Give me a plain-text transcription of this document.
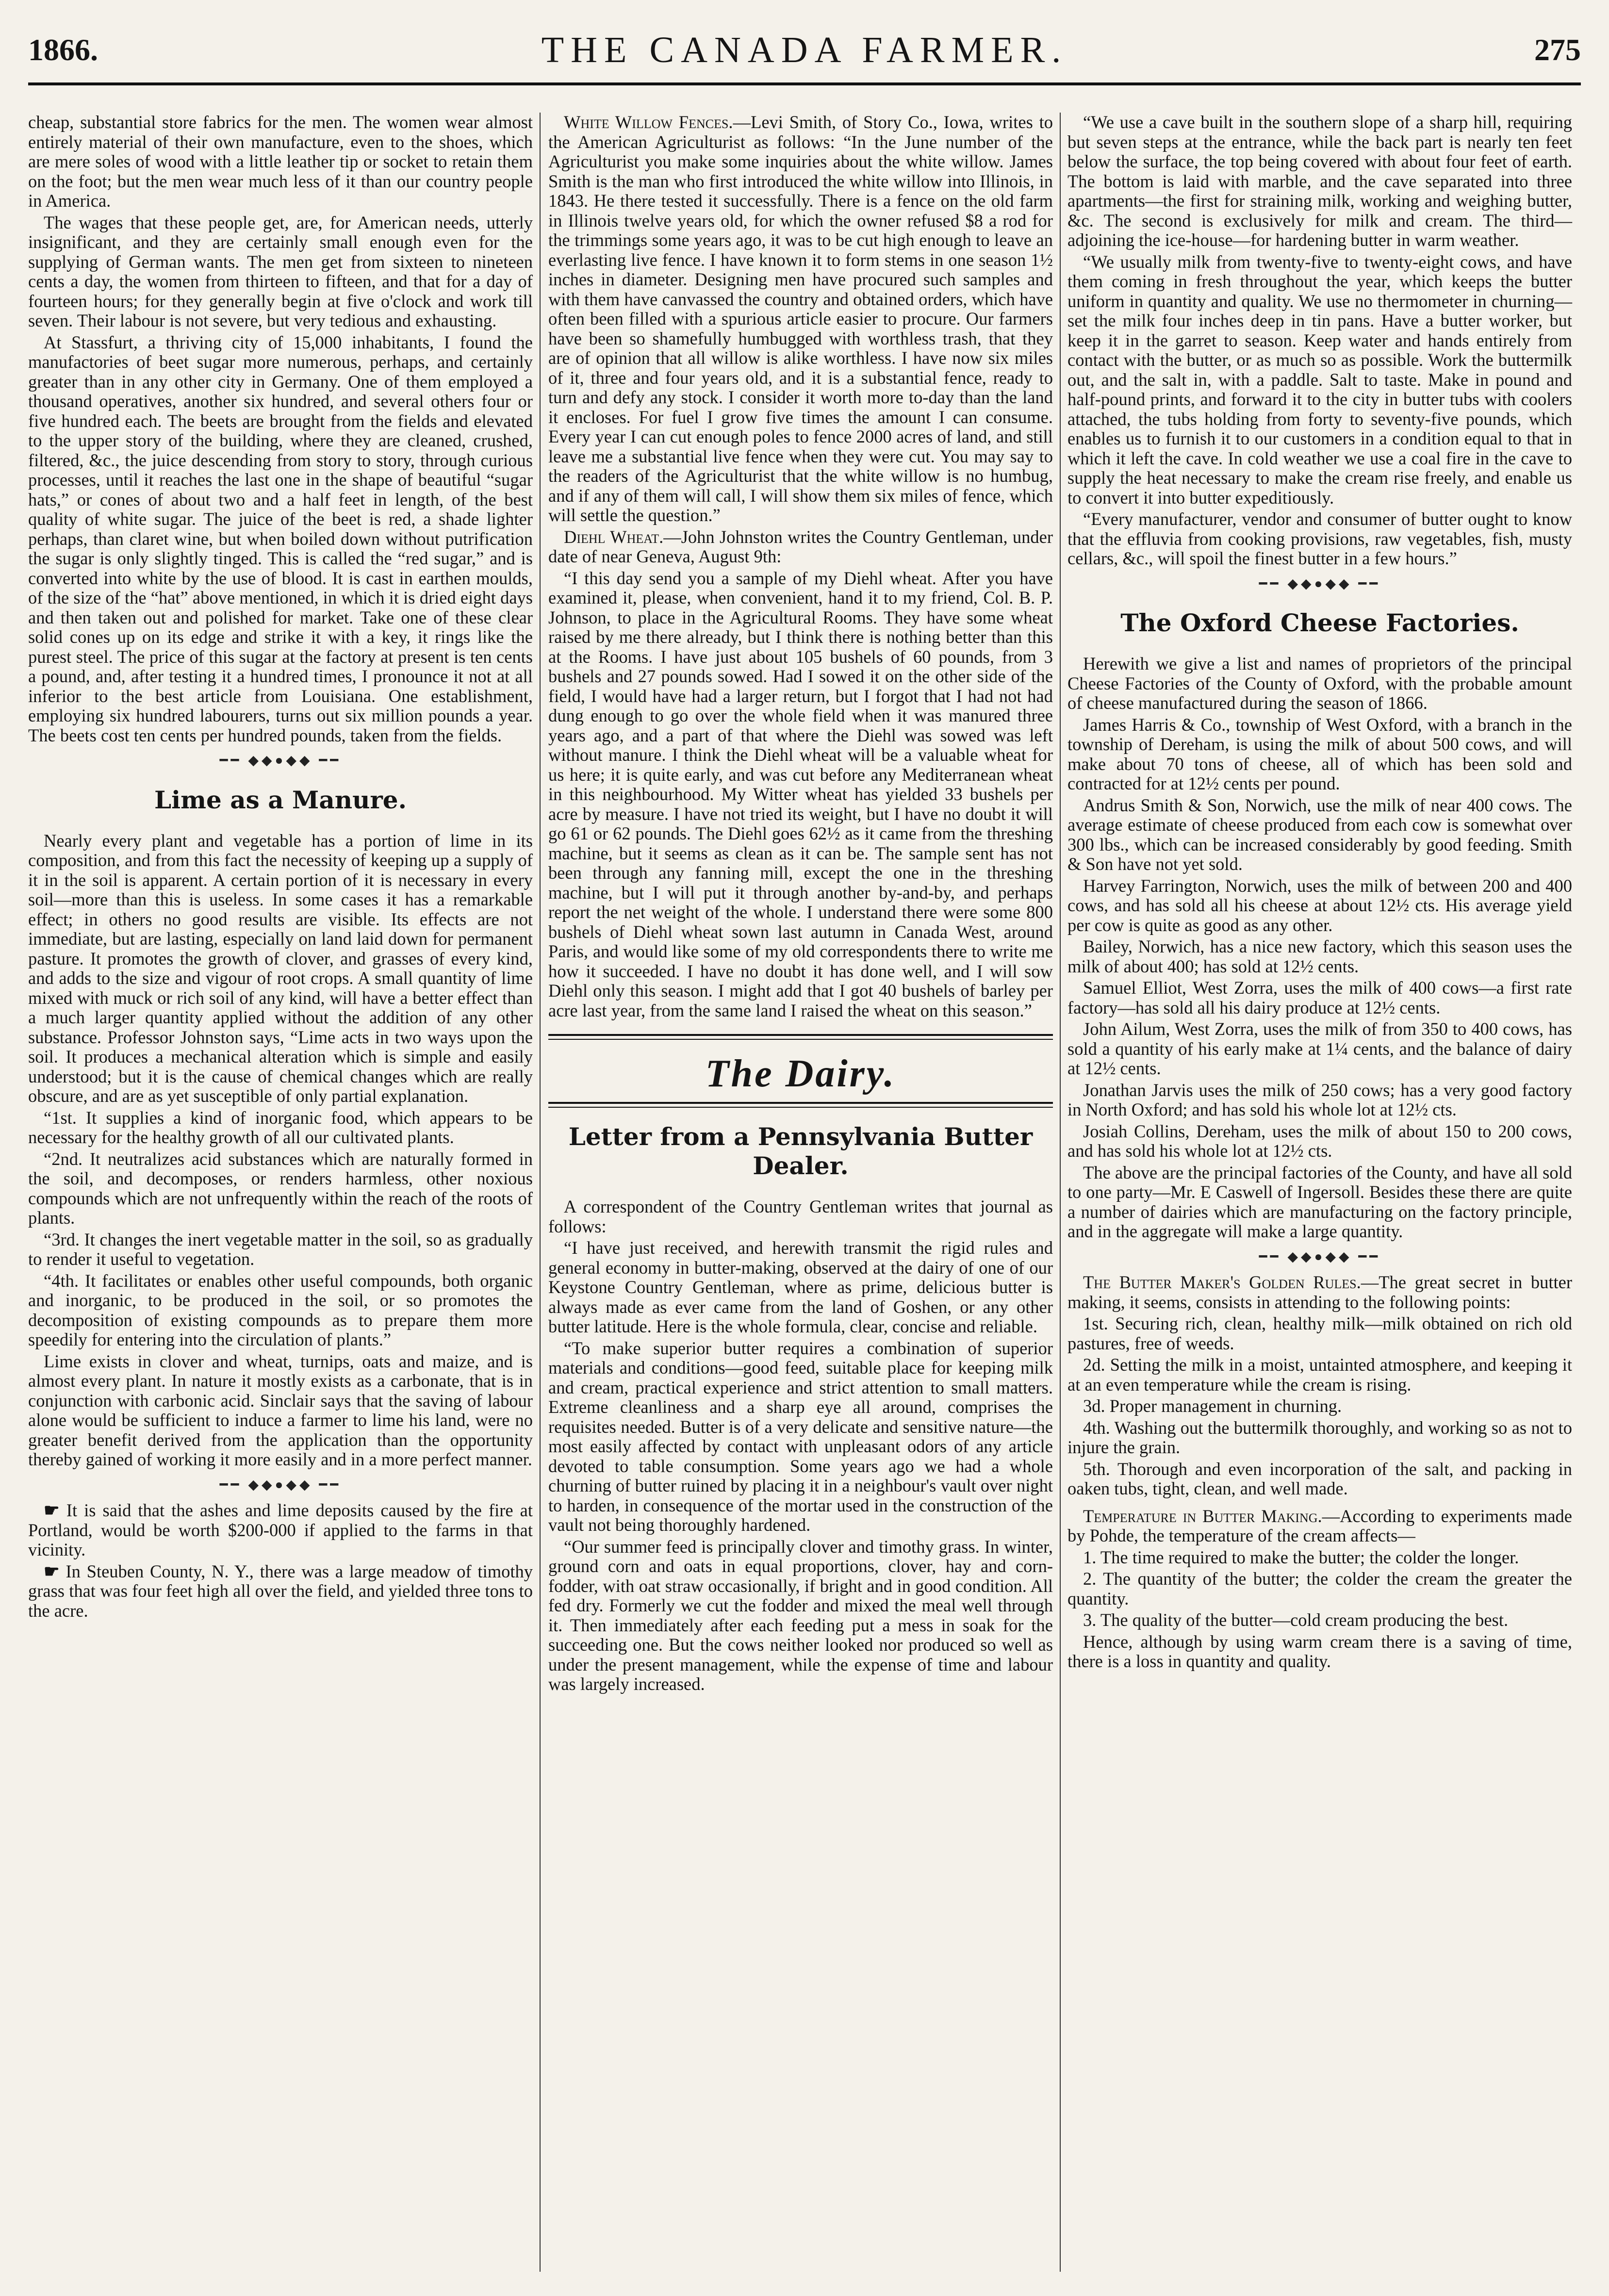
1866.	THE CANADA FARMER.	275

cheap, substantial store fabrics for the men. The women wear almost entirely material of their own manufacture, even to the shoes, which are mere soles of wood with a little leather tip or socket to retain them on the foot; but the men wear much less of it than our country people in America.

The wages that these people get, are, for American needs, utterly insignificant, and they are certainly small enough even for the supplying of German wants. The men get from sixteen to nineteen cents a day, the women from thirteen to fifteen, and that for a day of fourteen hours; for they generally begin at five o'clock and work till seven. Their labour is not severe, but very tedious and exhausting.

At Stassfurt, a thriving city of 15,000 inhabitants, I found the manufactories of beet sugar more numerous, perhaps, and certainly greater than in any other city in Germany. One of them employed a thousand operatives, another six hundred, and several others four or five hundred each. The beets are brought from the fields and elevated to the upper story of the building, where they are cleaned, crushed, filtered, &c., the juice descending from story to story, through curious processes, until it reaches the last one in the shape of beautiful “sugar hats,” or cones of about two and a half feet in length, of the best quality of white sugar. The juice of the beet is red, a shade lighter perhaps, than claret wine, but when boiled down without putrification the sugar is only slightly tinged. This is called the “red sugar,” and is converted into white by the use of blood. It is cast in earthen moulds, of the size of the “hat” above mentioned, in which it is dried eight days and then taken out and polished for market. Take one of these clear solid cones up on its edge and strike it with a key, it rings like the purest steel. The price of this sugar at the factory at present is ten cents a pound, and, after testing it a hundred times, I pronounce it not at all inferior to the best article from Louisiana. One establishment, employing six hundred labourers, turns out six million pounds a year. The beets cost ten cents per hundred pounds, taken from the fields.

━━ ◆◆●◆◆ ━━
Lime as a Manure.

Nearly every plant and vegetable has a portion of lime in its composition, and from this fact the necessity of keeping up a supply of it in the soil is apparent. A certain portion of it is necessary in every soil—more than this is useless. In some cases it has a remarkable effect; in others no good results are visible. Its effects are not immediate, but are lasting, especially on land laid down for permanent pasture. It promotes the growth of clover, and grasses of every kind, and adds to the size and vigour of root crops. A small quantity of lime mixed with muck or rich soil of any kind, will have a better effect than a much larger quantity applied without the addition of any other substance. Professor Johnston says, “Lime acts in two ways upon the soil. It produces a mechanical alteration which is simple and easily understood; but it is the cause of chemical changes which are really obscure, and are as yet susceptible of only partial explanation.

“1st. It supplies a kind of inorganic food, which appears to be necessary for the healthy growth of all our cultivated plants.

“2nd. It neutralizes acid substances which are naturally formed in the soil, and decomposes, or renders harmless, other noxious compounds which are not unfrequently within the reach of the roots of plants.

“3rd. It changes the inert vegetable matter in the soil, so as gradually to render it useful to vegetation.

“4th. It facilitates or enables other useful compounds, both organic and inorganic, to be produced in the soil, or so promotes the decomposition of existing compounds as to prepare them more speedily for entering into the circulation of plants.”

Lime exists in clover and wheat, turnips, oats and maize, and is almost every plant. In nature it mostly exists as a carbonate, that is in conjunction with carbonic acid. Sinclair says that the saving of labour alone would be sufficient to induce a farmer to lime his land, were no greater benefit derived from the application than the opportunity thereby gained of working it more easily and in a more perfect manner.

━━ ◆◆●◆◆ ━━

☛ It is said that the ashes and lime deposits caused by the fire at Portland, would be worth $200-000 if applied to the farms in that vicinity.

☛ In Steuben County, N. Y., there was a large meadow of timothy grass that was four feet high all over the field, and yielded three tons to the acre.

White Willow Fences.—Levi Smith, of Story Co., Iowa, writes to the American Agriculturist as follows: “In the June number of the Agriculturist you make some inquiries about the white willow. James Smith is the man who first introduced the white willow into Illinois, in 1843. He there tested it successfully. There is a fence on the old farm in Illinois twelve years old, for which the owner refused $8 a rod for the trimmings some years ago, it was to be cut high enough to leave an everlasting live fence. I have known it to form stems in one season 1½ inches in diameter. Designing men have procured such samples and with them have canvassed the country and obtained orders, which have often been filled with a spurious article easier to procure. Our farmers have been so shamefully humbugged with worthless trash, that they are of opinion that all willow is alike worthless. I have now six miles of it, three and four years old, and it is a substantial fence, ready to turn and defy any stock. I consider it worth more to-day than the land it encloses. For fuel I grow five times the amount I can consume. Every year I can cut enough poles to fence 2000 acres of land, and still leave me a substantial live fence when they were cut. You may say to the readers of the Agriculturist that the white willow is no humbug, and if any of them will call, I will show them six miles of fence, which will settle the question.”

Diehl Wheat.—John Johnston writes the Country Gentleman, under date of near Geneva, August 9th:

“I this day send you a sample of my Diehl wheat. After you have examined it, please, when convenient, hand it to my friend, Col. B. P. Johnson, to place in the Agricultural Rooms. They have some wheat raised by me there already, but I think there is nothing better than this at the Rooms. I have just about 105 bushels of 60 pounds, from 3 bushels and 27 pounds sowed. Had I sowed it on the other side of the field, I would have had a larger return, but I forgot that I had not had dung enough to go over the whole field when it was manured three years ago, and a part of that where the Diehl was sowed was left without manure. I think the Diehl wheat will be a valuable wheat for us here; it is quite early, and was cut before any Mediterranean wheat in this neighbourhood. My Witter wheat has yielded 33 bushels per acre by measure. I have not tried its weight, but I have no doubt it will go 61 or 62 pounds. The Diehl goes 62½ as it came from the threshing machine, but it seems as clean as it can be. The sample sent has not been through any fanning mill, except the one in the threshing machine, but I will put it through another by-and-by, and perhaps report the net weight of the whole. I understand there were some 800 bushels of Diehl wheat sown last autumn in Canada West, around Paris, and would like some of my old correspondents there to write me how it succeeded. I have no doubt it has done well, and I will sow Diehl only this season. I might add that I got 40 bushels of barley per acre last year, from the same land I raised the wheat on this season.”

The Dairy.
Letter from a Pennsylvania Butter Dealer.

A correspondent of the Country Gentleman writes that journal as follows:

“I have just received, and herewith transmit the rigid rules and general economy in butter-making, observed at the dairy of one of our Keystone Country Gentleman, where as prime, delicious butter is always made as ever came from the land of Goshen, or any other butter latitude. Here is the whole formula, clear, concise and reliable.

“To make superior butter requires a combination of superior materials and conditions—good feed, suitable place for keeping milk and cream, practical experience and strict attention to small matters. Extreme cleanliness and a sharp eye all around, comprises the requisites needed. Butter is of a very delicate and sensitive nature—the most easily affected by contact with unpleasant odors of any article devoted to table consumption. Some years ago we had a whole churning of butter ruined by placing it in a neighbour's vault over night to harden, in consequence of the mortar used in the construction of the vault not being thoroughly hardened.

“Our summer feed is principally clover and timothy grass. In winter, ground corn and oats in equal proportions, clover, hay and corn-fodder, with oat straw occasionally, if bright and in good condition. All fed dry. Formerly we cut the fodder and mixed the meal well through it. Then immediately after each feeding put a mess in soak for the succeeding one. But the cows neither looked nor produced so well as under the present management, while the expense of time and labour was largely increased.

“We use a cave built in the southern slope of a sharp hill, requiring but seven steps at the entrance, while the back part is nearly ten feet below the surface, the top being covered with about four feet of earth. The bottom is laid with marble, and the cave separated into three apartments—the first for straining milk, working and weighing butter, &c. The second is exclusively for milk and cream. The third—adjoining the ice-house—for hardening butter in warm weather.

“We usually milk from twenty-five to twenty-eight cows, and have them coming in fresh throughout the year, which keeps the butter uniform in quantity and quality. We use no thermometer in churning—set the milk four inches deep in tin pans. Have a butter worker, but keep it in the garret to season. Keep water and hands entirely from contact with the butter, or as much so as possible. Work the buttermilk out, and the salt in, with a paddle. Salt to taste. Make in pound and half-pound prints, and forward it to the city in butter tubs with coolers attached, the tubs holding from forty to seventy-five pounds, which enables us to furnish it to our customers in a condition equal to that in which it left the cave. In cold weather we use a coal fire in the cave to supply the heat necessary to make the cream rise freely, and enable us to convert it into butter expeditiously.

“Every manufacturer, vendor and consumer of butter ought to know that the effluvia from cooking provisions, raw vegetables, fish, musty cellars, &c., will spoil the finest butter in a few hours.”

━━ ◆◆●◆◆ ━━
The Oxford Cheese Factories.

Herewith we give a list and names of proprietors of the principal Cheese Factories of the County of Oxford, with the probable amount of cheese manufactured during the season of 1866.

James Harris & Co., township of West Oxford, with a branch in the township of Dereham, is using the milk of about 500 cows, and will make about 70 tons of cheese, all of which has been sold and contracted for at 12½ cents per pound.

Andrus Smith & Son, Norwich, use the milk of near 400 cows. The average estimate of cheese produced from each cow is somewhat over 300 lbs., which can be increased considerably by good feeding. Smith & Son have not yet sold.

Harvey Farrington, Norwich, uses the milk of between 200 and 400 cows, and has sold all his cheese at about 12½ cts. His average yield per cow is quite as good as any other.

Bailey, Norwich, has a nice new factory, which this season uses the milk of about 400; has sold at 12½ cents.

Samuel Elliot, West Zorra, uses the milk of 400 cows—a first rate factory—has sold all his dairy produce at 12½ cents.

John Ailum, West Zorra, uses the milk of from 350 to 400 cows, has sold a quantity of his early make at 1¼ cents, and the balance of dairy at 12½ cents.

Jonathan Jarvis uses the milk of 250 cows; has a very good factory in North Oxford; and has sold his whole lot at 12½ cts.

Josiah Collins, Dereham, uses the milk of about 150 to 200 cows, and has sold his whole lot at 12½ cts.

The above are the principal factories of the County, and have all sold to one party—Mr. E Caswell of Ingersoll. Besides these there are quite a number of dairies which are manufacturing on the factory principle, and in the aggregate will make a large quantity.

━━ ◆◆●◆◆ ━━

The Butter Maker's Golden Rules.—The great secret in butter making, it seems, consists in attending to the following points:

1st. Securing rich, clean, healthy milk—milk obtained on rich old pastures, free of weeds.

2d. Setting the milk in a moist, untainted atmosphere, and keeping it at an even temperature while the cream is rising.

3d. Proper management in churning.

4th. Washing out the buttermilk thoroughly, and working so as not to injure the grain.

5th. Thorough and even incorporation of the salt, and packing in oaken tubs, tight, clean, and well made.

Temperature in Butter Making.—According to experiments made by Pohde, the temperature of the cream affects—

1. The time required to make the butter; the colder the longer.

2. The quantity of the butter; the colder the cream the greater the quantity.

3. The quality of the butter—cold cream producing the best.

Hence, although by using warm cream there is a saving of time, there is a loss in quantity and quality.
